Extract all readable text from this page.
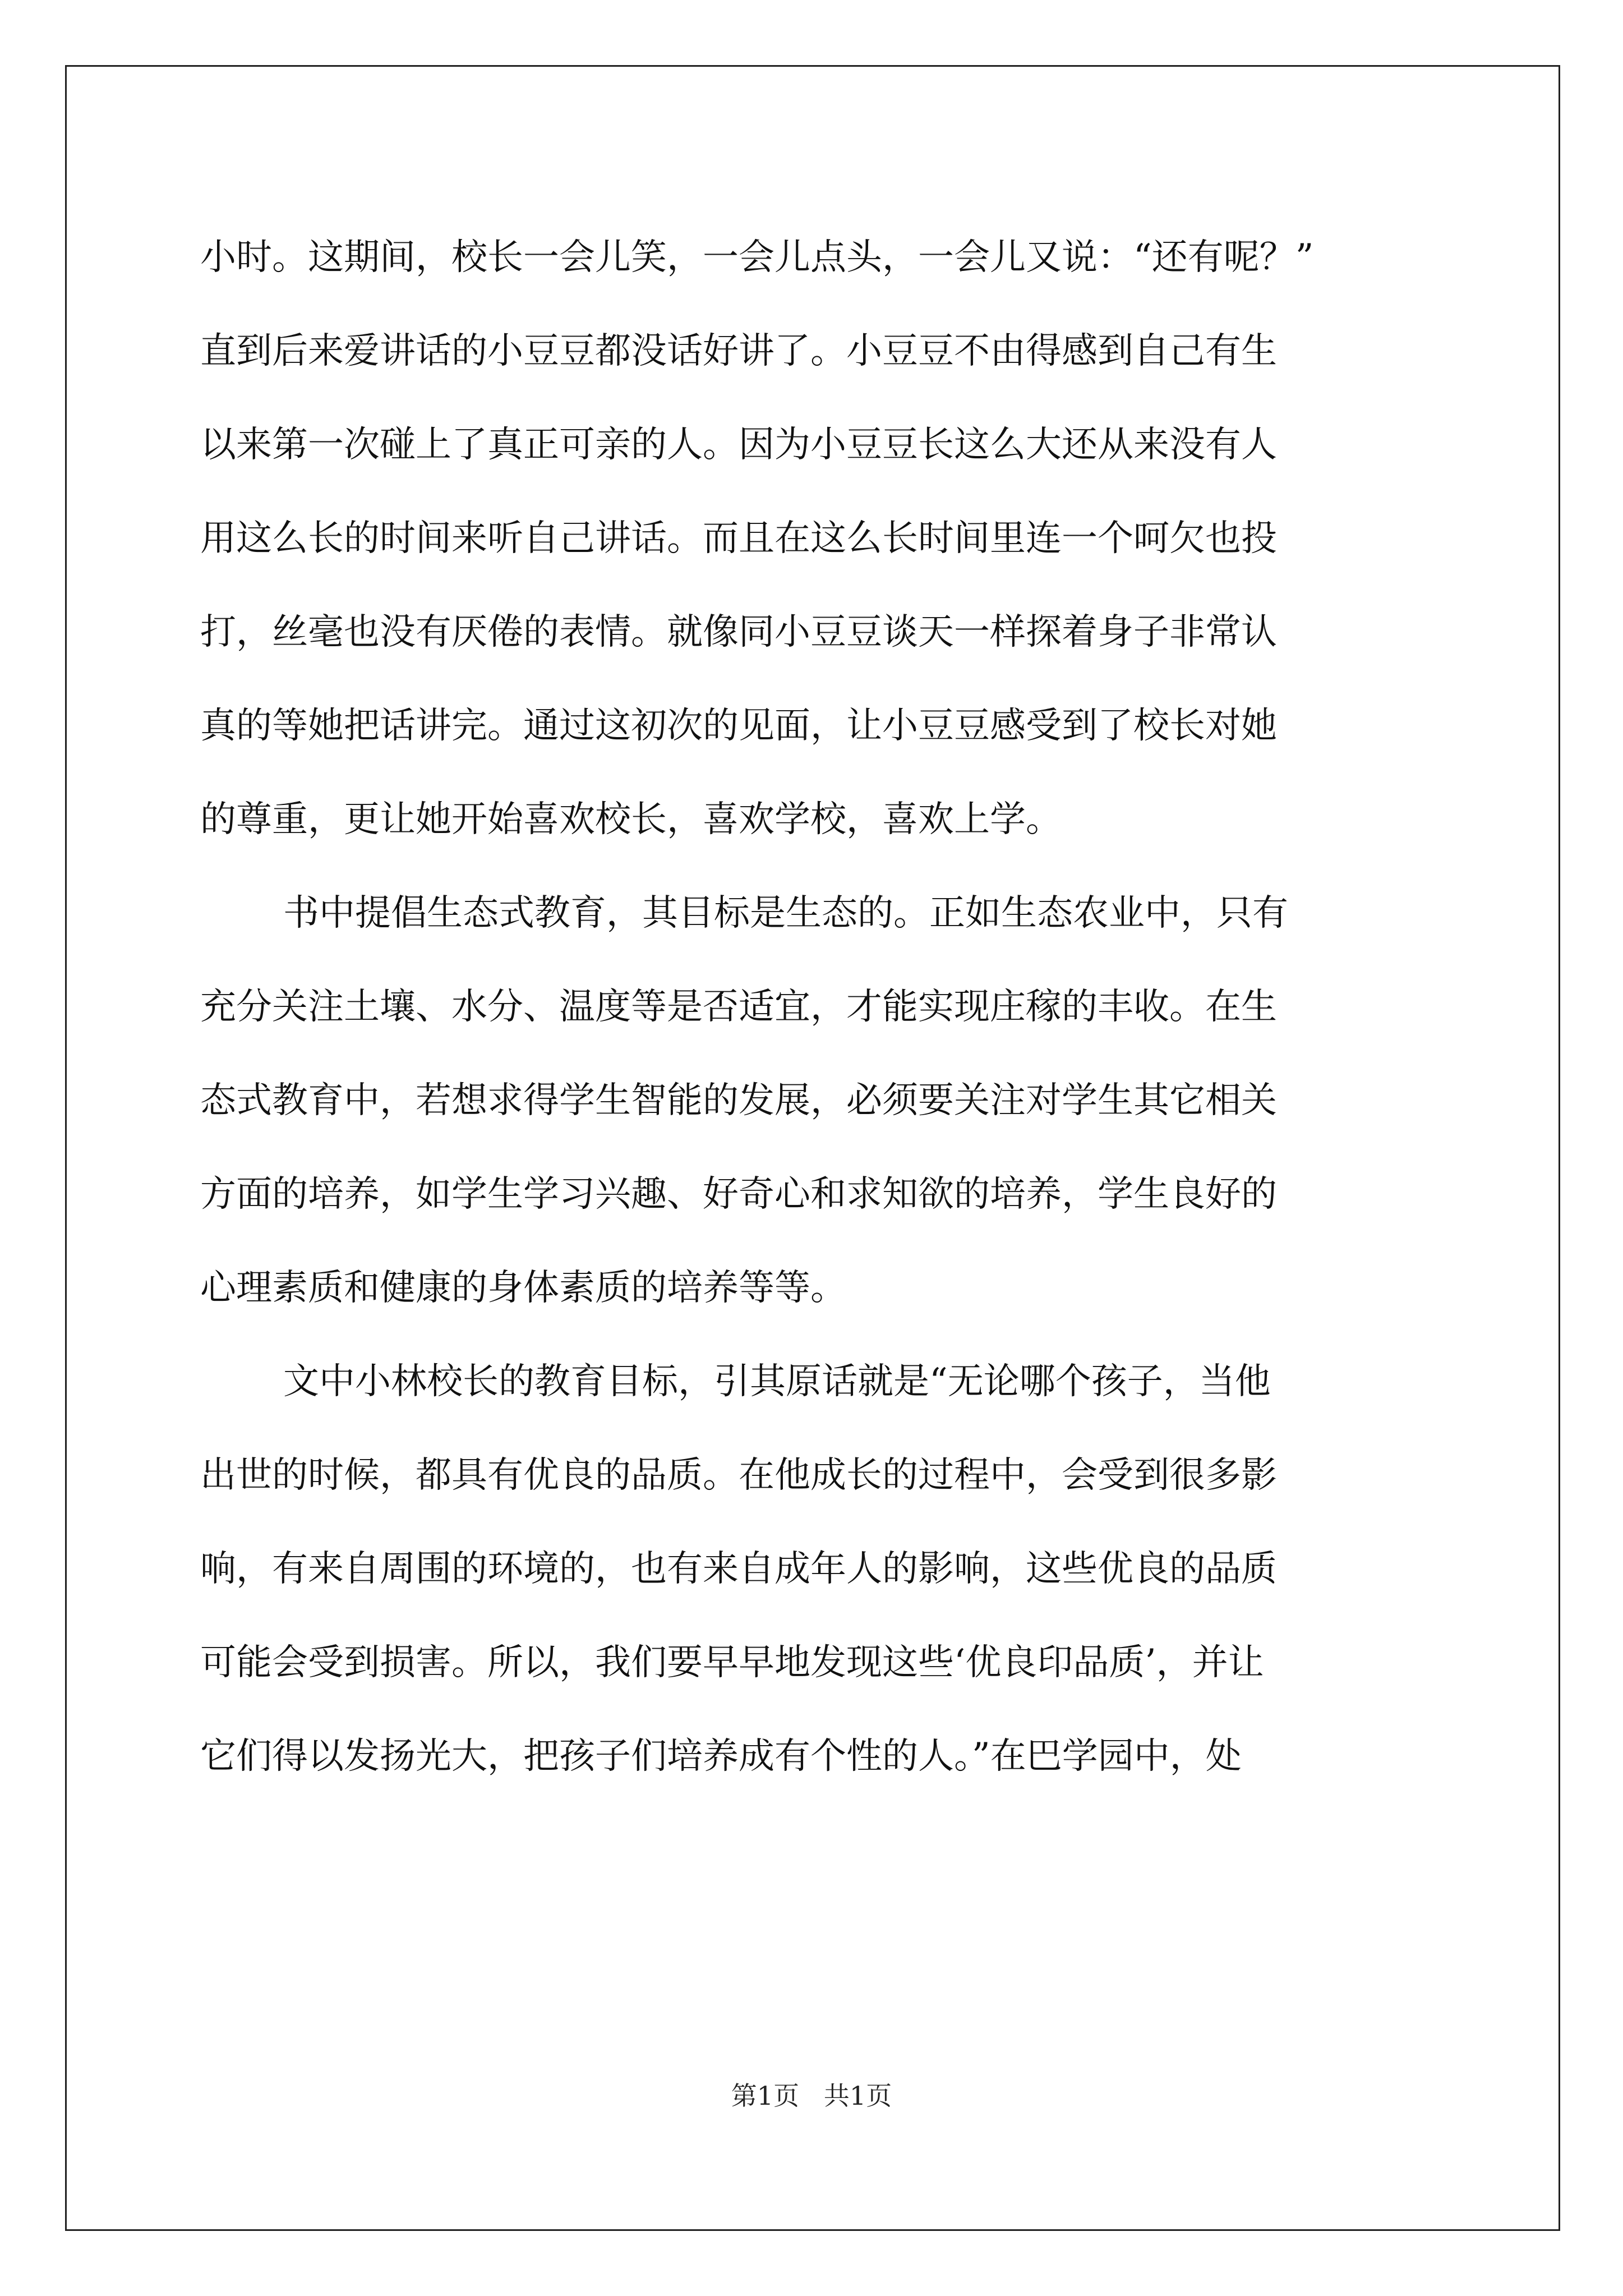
小时。这期间，校长一会儿笑，一会儿点头，一会儿又说：“还有呢？”
直到后来爱讲话的小豆豆都没话好讲了。小豆豆不由得感到自己有生
以来第一次碰上了真正可亲的人。因为小豆豆长这么大还从来没有人
用这么长的时间来听自己讲话。而且在这么长时间里连一个呵欠也投
打，丝毫也没有厌倦的表情。就像同小豆豆谈天一样探着身子非常认
真的等她把话讲完。通过这初次的见面，让小豆豆感受到了校长对她
的尊重，更让她开始喜欢校长，喜欢学校，喜欢上学。
书中提倡生态式教育，其目标是生态的。正如生态农业中，只有
充分关注土壤、水分、温度等是否适宜，才能实现庄稼的丰收。在生
态式教育中，若想求得学生智能的发展，必须要关注对学生其它相关
方面的培养，如学生学习兴趣、好奇心和求知欲的培养，学生良好的
心理素质和健康的身体素质的培养等等。
文中小林校长的教育目标，引其原话就是“无论哪个孩子，当他
出世的时候，都具有优良的品质。在他成长的过程中，会受到很多影
响，有来自周围的环境的，也有来自成年人的影响，这些优良的品质
可能会受到损害。所以，我们要早早地发现这些‘优良印品质’，并让
它们得以发扬光大，把孩子们培养成有个性的人。”在巴学园中，处
第1页   共1页
